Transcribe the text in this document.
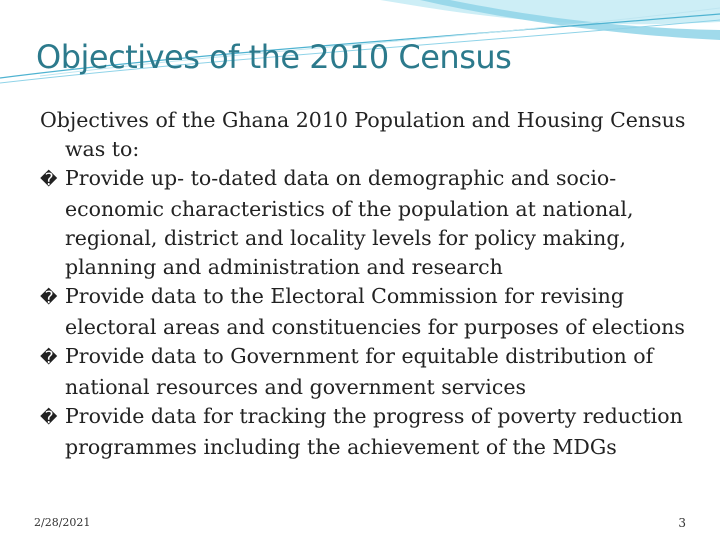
Objectives of the 2010 Census

Objectives of the Ghana 2010 Population and Housing Census was to:

� Provide up- to-dated data on demographic and socio-economic characteristics of the population at national, regional, district and locality levels for policy making, planning and administration and research

� Provide data to the Electoral Commission for revising electoral areas and constituencies for purposes of elections

� Provide data to Government for equitable distribution of national resources and government services

� Provide data for tracking the progress of poverty reduction programmes including the achievement of the MDGs

2/28/2021	3
